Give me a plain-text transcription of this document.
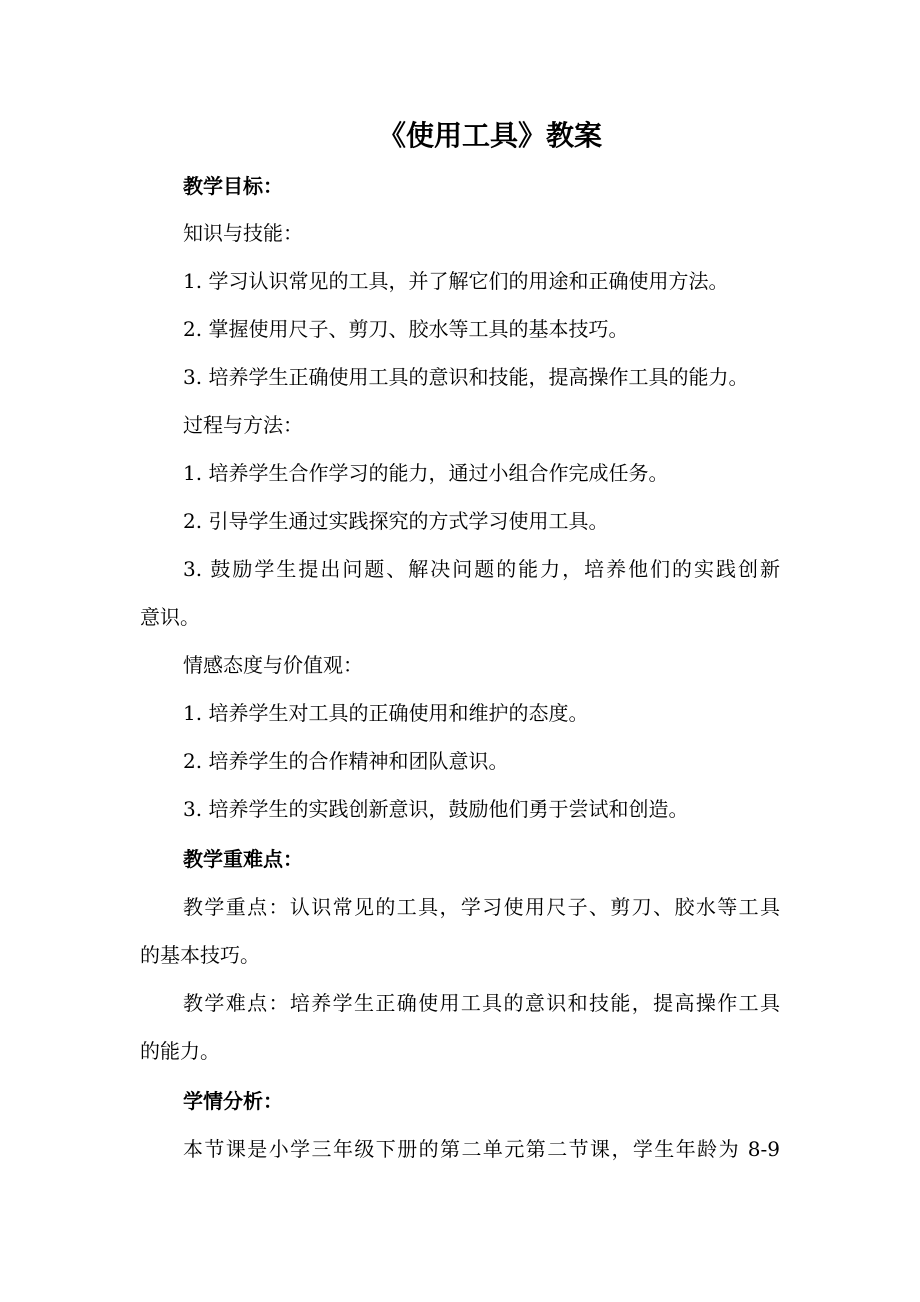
《使用工具》教案
教学目标：
知识与技能：
1. 学习认识常见的工具，并了解它们的用途和正确使用方法。
2. 掌握使用尺子、剪刀、胶水等工具的基本技巧。
3. 培养学生正确使用工具的意识和技能，提高操作工具的能力。
过程与方法：
1. 培养学生合作学习的能力，通过小组合作完成任务。
2. 引导学生通过实践探究的方式学习使用工具。
3. 鼓励学生提出问题、解决问题的能力，培养他们的实践创新
意识。
情感态度与价值观：
1. 培养学生对工具的正确使用和维护的态度。
2. 培养学生的合作精神和团队意识。
3. 培养学生的实践创新意识，鼓励他们勇于尝试和创造。
教学重难点：
教学重点：认识常见的工具，学习使用尺子、剪刀、胶水等工具
的基本技巧。
教学难点：培养学生正确使用工具的意识和技能，提高操作工具
的能力。
学情分析：
本节课是小学三年级下册的第二单元第二节课，学生年龄为 8-9
